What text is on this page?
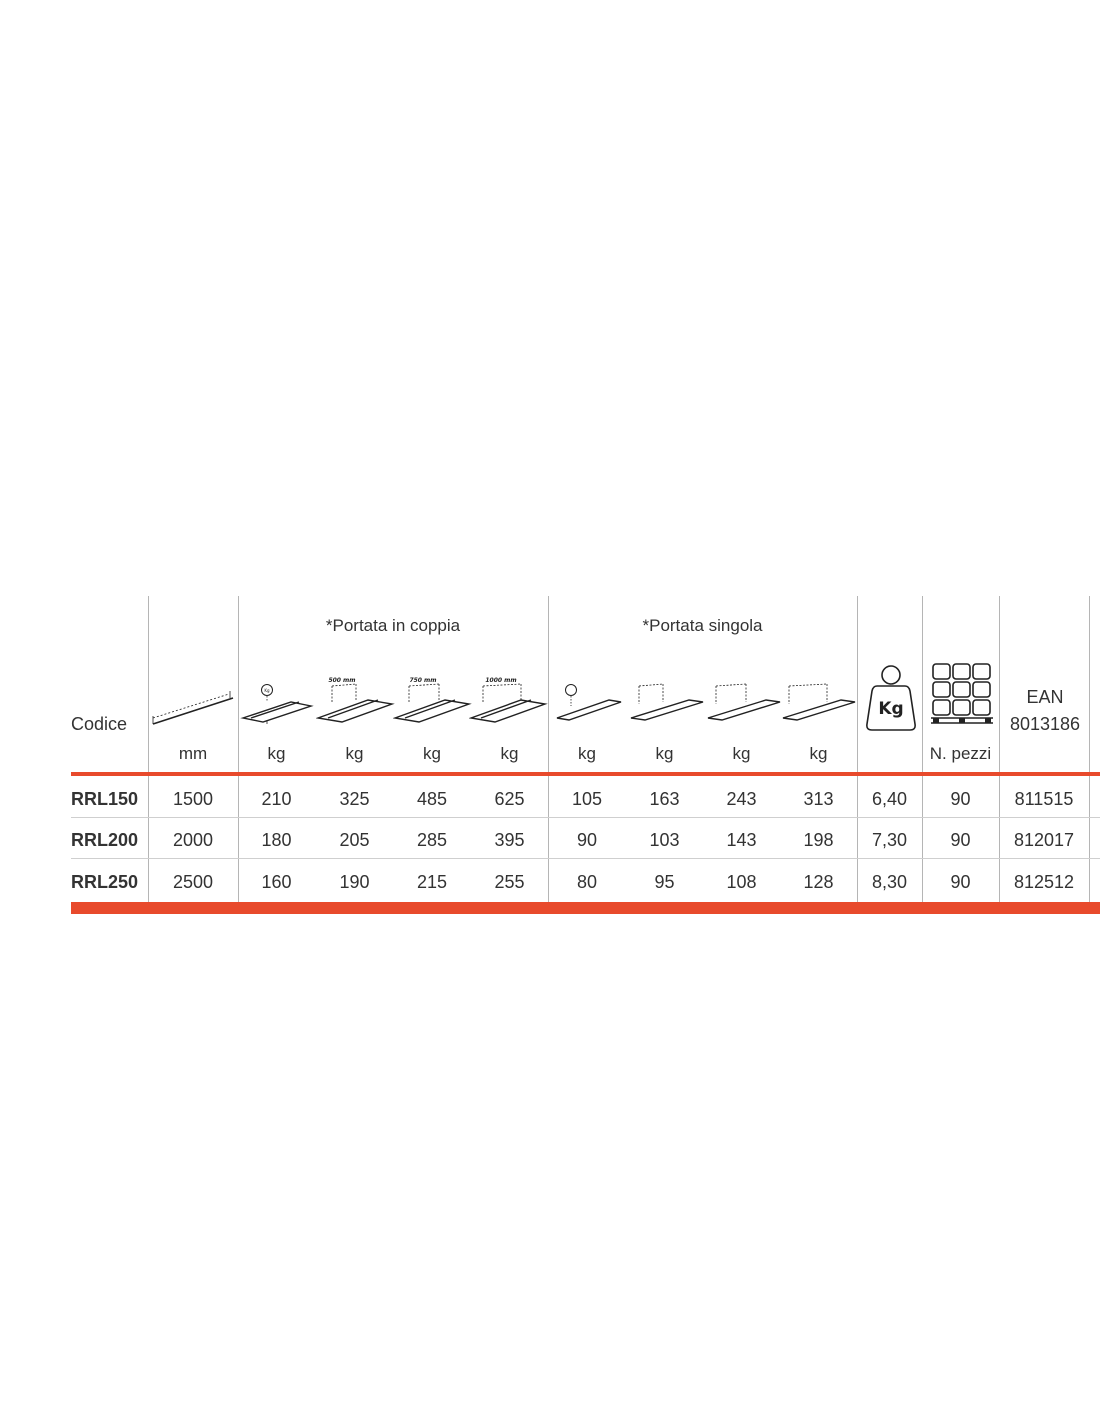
*Portata in coppia	*Portata singola
Codice
EAN
8013186
Kg
500 mm	750 mm	1000 mm
Kg
mm	kg	kg	kg	kg	kg	kg	kg	kg	N. pezzi
RRL150	1500	210	325	485	625	105	163	243	313	6,40	90	811515
RRL200	2000	180	205	285	395	90	103	143	198	7,30	90	812017
RRL250	2500	160	190	215	255	80	95	108	128	8,30	90	812512
